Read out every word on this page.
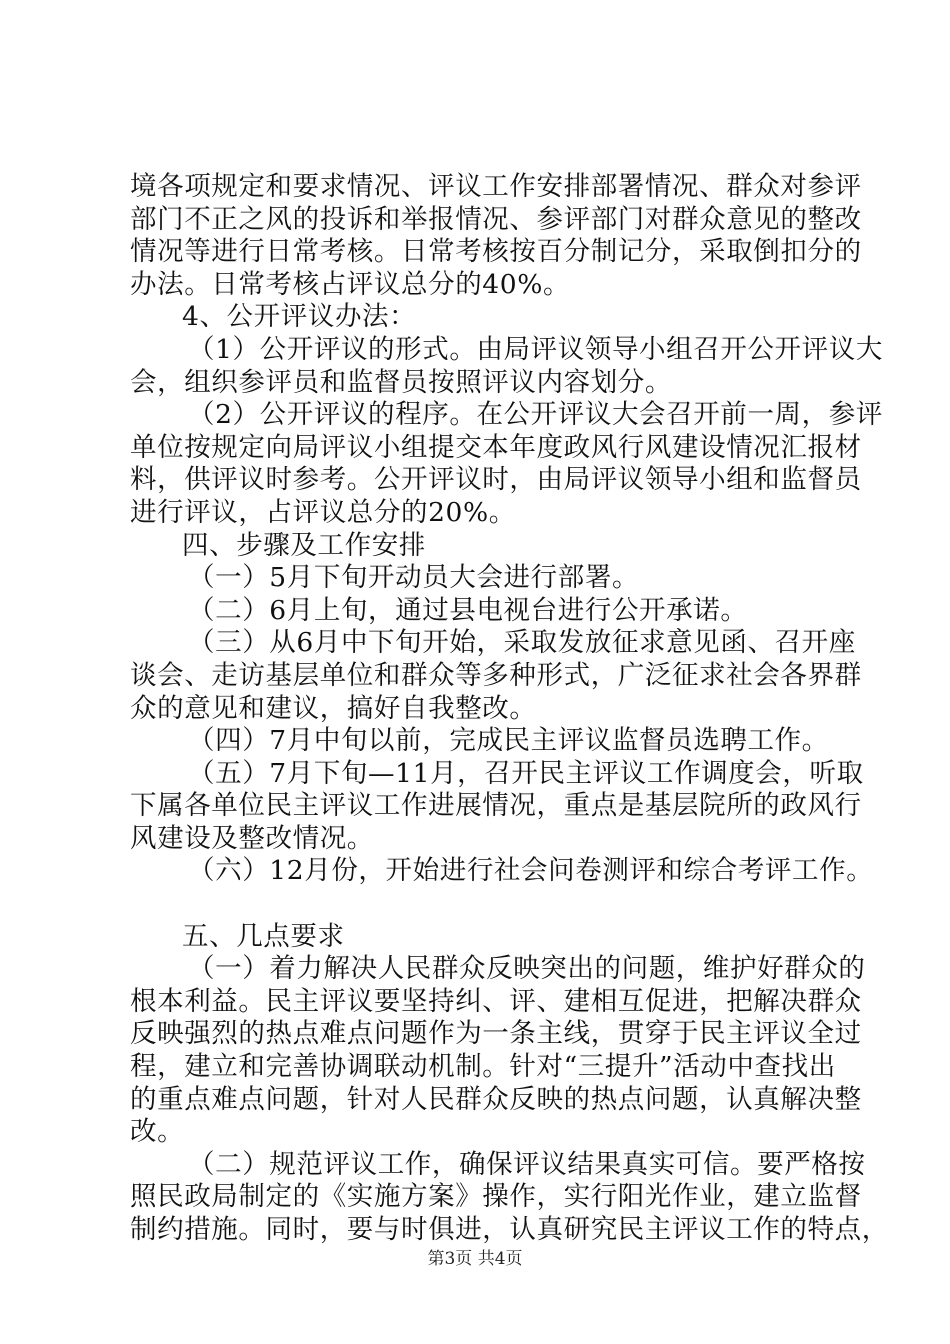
境各项规定和要求情况、评议工作安排部署情况、群众对参评
部门不正之风的投诉和举报情况、参评部门对群众意见的整改
情况等进行日常考核。日常考核按百分制记分，采取倒扣分的
办法。日常考核占评议总分的40%。
4、公开评议办法：
（1）公开评议的形式。由局评议领导小组召开公开评议大
会，组织参评员和监督员按照评议内容划分。
（2）公开评议的程序。在公开评议大会召开前一周，参评
单位按规定向局评议小组提交本年度政风行风建设情况汇报材
料，供评议时参考。公开评议时，由局评议领导小组和监督员
进行评议，占评议总分的20%。
四、步骤及工作安排
（一）5月下旬开动员大会进行部署。
（二）6月上旬，通过县电视台进行公开承诺。
（三）从6月中下旬开始，采取发放征求意见函、召开座
谈会、走访基层单位和群众等多种形式，广泛征求社会各界群
众的意见和建议，搞好自我整改。
（四）7月中旬以前，完成民主评议监督员选聘工作。
（五）7月下旬—11月，召开民主评议工作调度会，听取
下属各单位民主评议工作进展情况，重点是基层院所的政风行
风建设及整改情况。
（六）12月份，开始进行社会问卷测评和综合考评工作。
五、几点要求
（一）着力解决人民群众反映突出的问题，维护好群众的
根本利益。民主评议要坚持纠、评、建相互促进，把解决群众
反映强烈的热点难点问题作为一条主线，贯穿于民主评议全过
程，建立和完善协调联动机制。针对“三提升”活动中查找出
的重点难点问题，针对人民群众反映的热点问题，认真解决整
改。
（二）规范评议工作，确保评议结果真实可信。要严格按
照民政局制定的《实施方案》操作，实行阳光作业，建立监督
制约措施。同时，要与时俱进，认真研究民主评议工作的特点，
第3页 共4页
